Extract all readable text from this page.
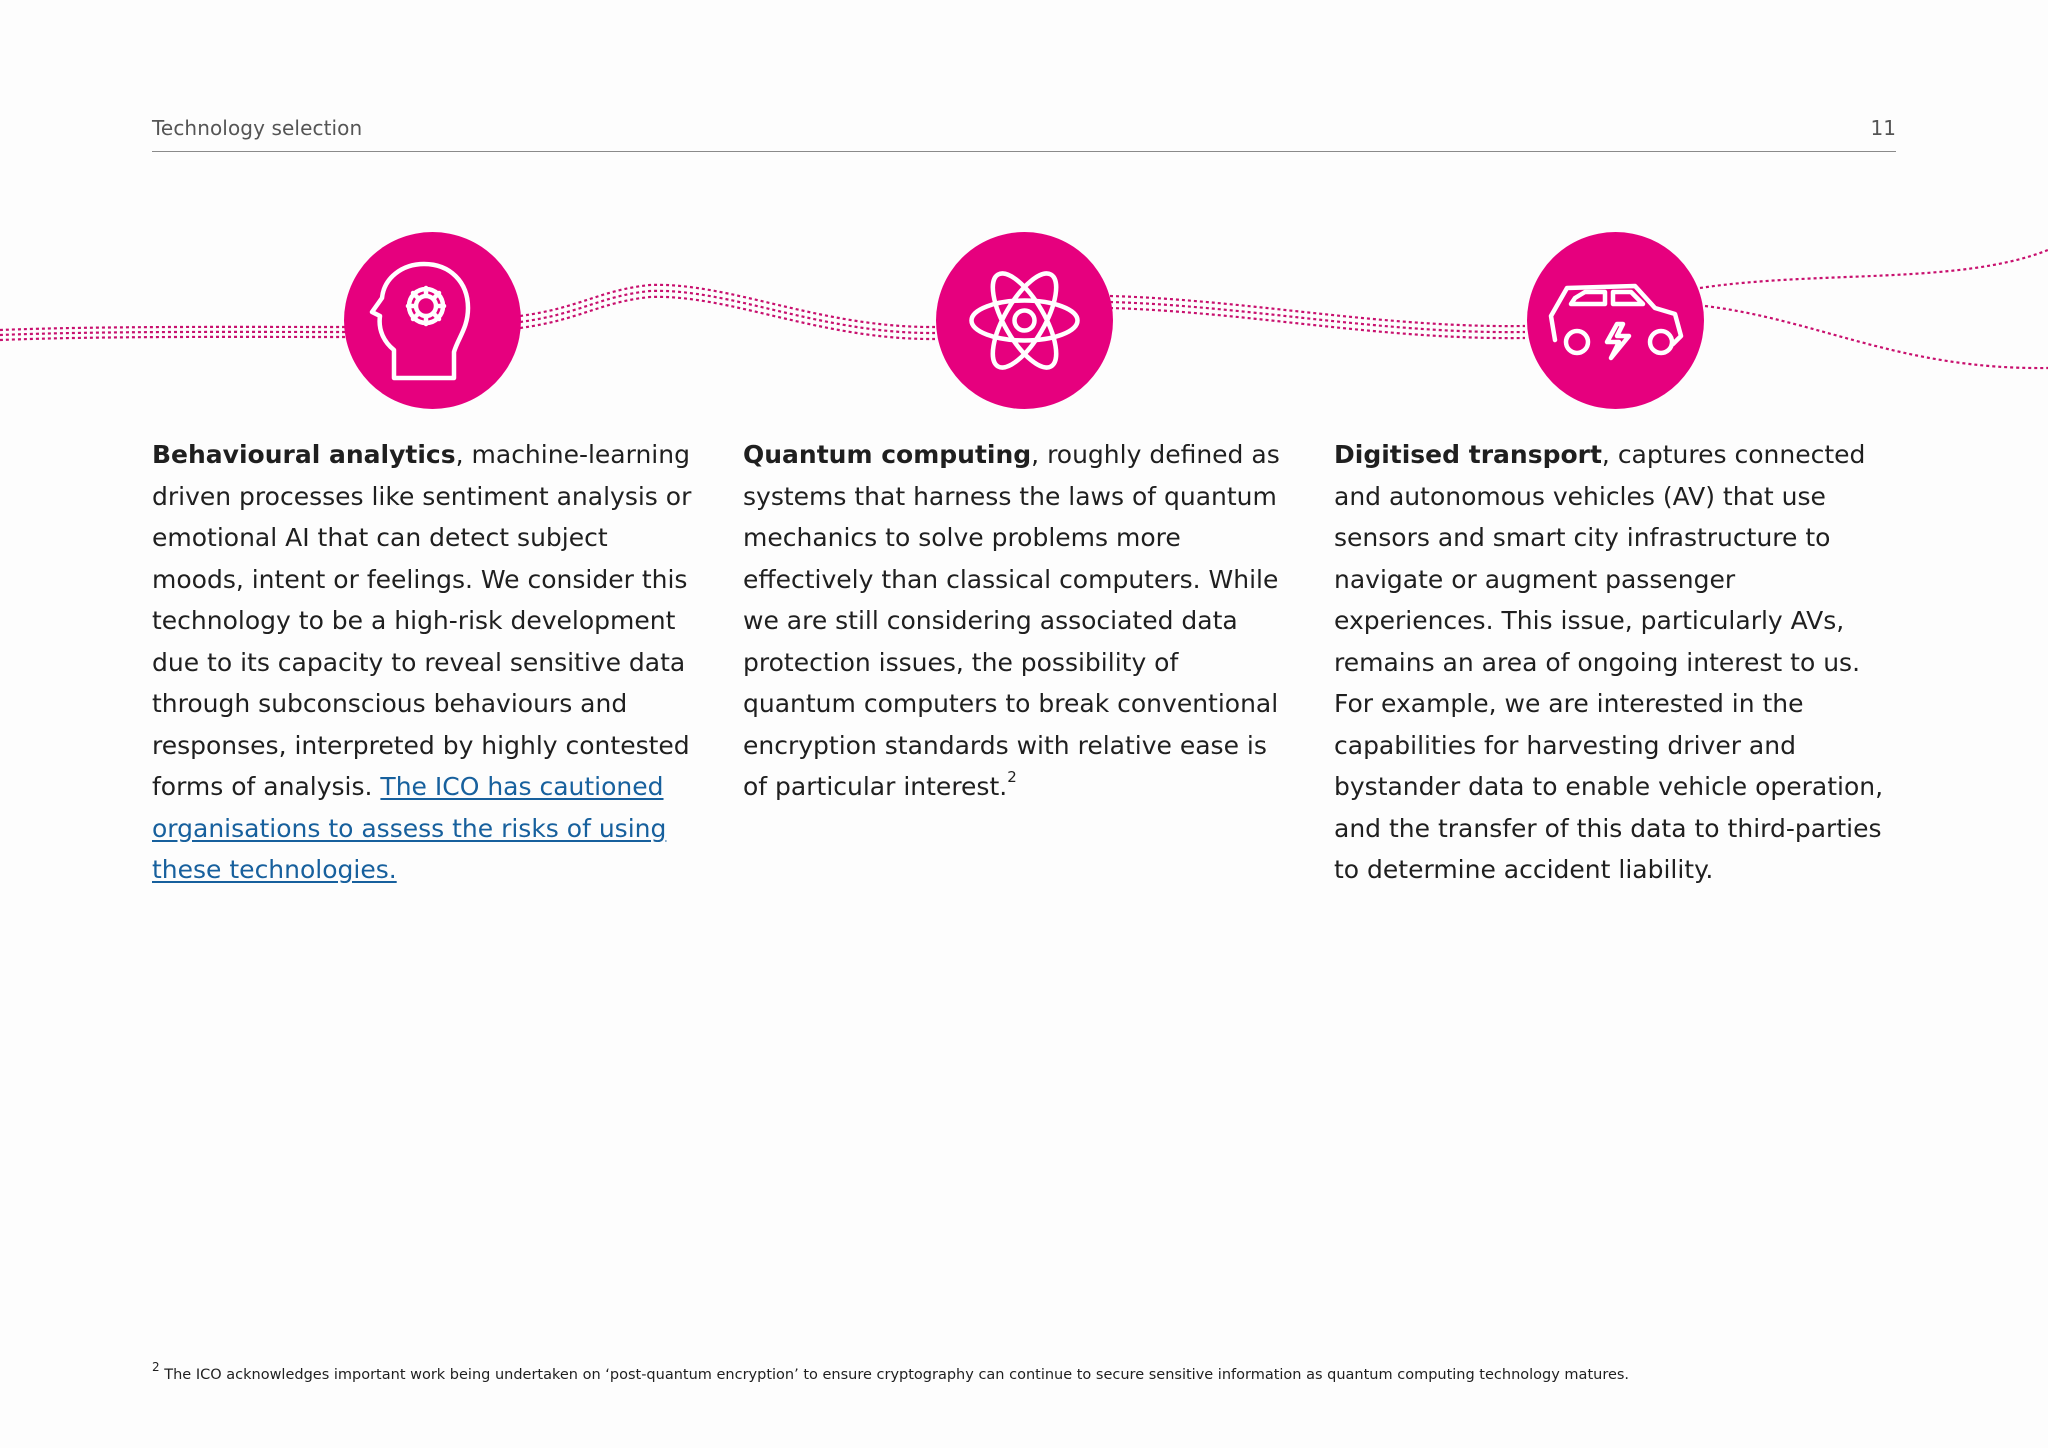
Technology selection	11
Behavioural analytics, machine-learning driven processes like sentiment analysis or emotional AI that can detect subject moods, intent or feelings. We consider this technology to be a high-risk development due to its capacity to reveal sensitive data through subconscious behaviours and responses, interpreted by highly contested forms of analysis. The ICO has cautioned organisations to assess the risks of using these technologies.
Quantum computing, roughly defined as systems that harness the laws of quantum mechanics to solve problems more effectively than classical computers. While we are still considering associated data protection issues, the possibility of quantum computers to break conventional encryption standards with relative ease is of particular interest.$^2$
Digitised transport, captures connected and autonomous vehicles (AV) that use sensors and smart city infrastructure to navigate or augment passenger experiences. This issue, particularly AVs, remains an area of ongoing interest to us. For example, we are interested in the capabilities for harvesting driver and bystander data to enable vehicle operation, and the transfer of this data to third-parties to determine accident liability.
$^2$ The ICO acknowledges important work being undertaken on ‘post-quantum encryption’ to ensure cryptography can continue to secure sensitive information as quantum computing technology matures.
